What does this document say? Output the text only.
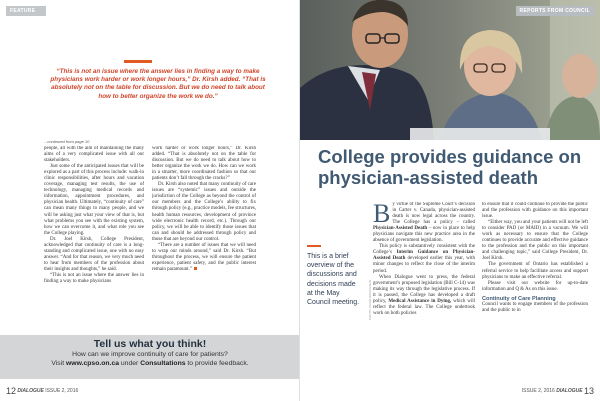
FEATURE
“This is not an issue where the answer lies in finding a way to make physicians work harder or work longer hours,” Dr. Kirsh added. “That is absolutely not on the table for discussion. But we do need to talk about how to better organize the work we do.”
...continued from page 10

people, all with the aim of maintaining the many aims of a very complicated issue with all our stakeholders.

Just some of the anticipated issues that will be explored as a part of this process include: walk-in clinic responsibilities, after hours and vacation coverage, managing test results, the use of technology, managing medical records and information, appointment procedures, and physician health. Ultimately, “continuity of care” can mean many things to many people, and we will be asking just what your view of that is, but what problems you see with the existing system, how we can overcome it, and what role you see the College playing.

Dr. Joel Kirsh, College President, acknowledged that continuity of care is a long-standing and complicated issue, one with no easy answer. “And for that reason, we very much need to hear from members of the profession about their insights and thoughts,” he said.

“This is not an issue where the answer lies in finding a way to make physicians

work harder or work longer hours,” Dr. Kirsh added. “That is absolutely not on the table for discussion. But we do need to talk about how to better organize the work we do. How can we work in a smarter, more coordinated fashion so that our patients don’t fall through the cracks?”

Dr. Kirsh also noted that many continuity of care issues are “systemic” issues and outside the jurisdiction of the College as beyond the control of our members and the College’s ability to fix through policy (e.g., practice models, fee structures, health human resources, development of province wide electronic health record, etc.). Through our policy, we will be able to identify those issues that can and should be addressed through policy and those that are beyond our control.

“There are a number of issues that we will need to wrap our minds around,” said Dr. Kirsh. “But throughout the process, we will ensure the patient experience, patient safety, and the public interest remain paramount.”

Tell us what you think!
How can we improve continuity of care for patients?
Visit www.cpso.on.ca under Consultations to provide feedback.
12 DIALOGUE ISSUE 2, 2016
REPORTS FROM COUNCIL
College provides guidance on physician-assisted death
This is a brief overview of the discussions and decisions made at the May Council meeting.	PHOTO: DOUG NICHOLSON

By virtue of the Supreme Court’s decision in Carter v. Canada, physician-assisted death is now legal across the country. The College has a policy – called Physician-Assisted Death – now in place to help physicians navigate this new practice area in the absence of government legislation.

This policy is substantively consistent with the College’s Interim Guidance on Physician-Assisted Death developed earlier this year, with minor changes to reflect the close of the interim period.

When Dialogue went to press, the federal government’s proposed legislation (Bill C-14) was making its way through the legislative process. If it is passed, the College has developed a draft policy, Medical Assistance in Dying, which will reflect the federal law. The College undertook work on both policies

to ensure that it could continue to provide the public and the profession with guidance on this important issue.

“Either way, you and your patients will not be left to consider PAD (or MAID) in a vacuum. We will work as necessary to ensure that the College continues to provide accurate and effective guidance to the profession and the public on this important and challenging topic,” said College President, Dr. Joel Kirsh.

The government of Ontario has established a referral service to help facilitate access and support physicians to make an effective referral.

Please visit our website for up-to-date information and Q & As on this issue.

Continuity of Care Planning

Council wants to engage members of the profession and the public to in

ISSUE 2, 2016 DIALOGUE 13
